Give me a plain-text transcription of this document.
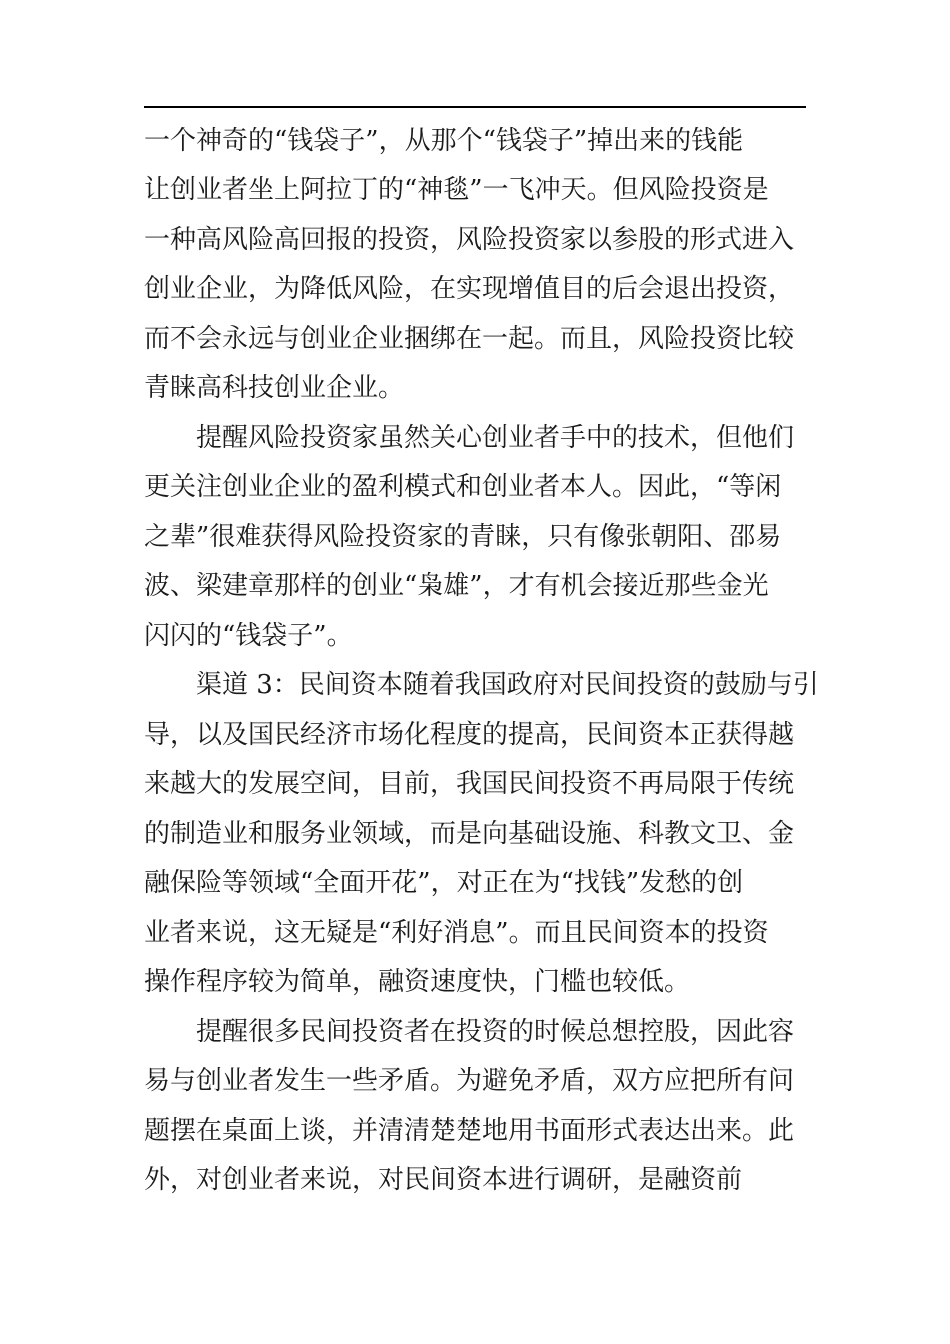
一个神奇的“钱袋子”，从那个“钱袋子”掉出来的钱能
让创业者坐上阿拉丁的“神毯”一飞冲天。但风险投资是
一种高风险高回报的投资，风险投资家以参股的形式进入
创业企业，为降低风险，在实现增值目的后会退出投资，
而不会永远与创业企业捆绑在一起。而且，风险投资比较
青睐高科技创业企业。
　　提醒风险投资家虽然关心创业者手中的技术，但他们
更关注创业企业的盈利模式和创业者本人。因此，“等闲
之辈”很难获得风险投资家的青睐，只有像张朝阳、邵易
波、梁建章那样的创业“枭雄”，才有机会接近那些金光
闪闪的“钱袋子”。
　　渠道 3：民间资本随着我国政府对民间投资的鼓励与引
导，以及国民经济市场化程度的提高，民间资本正获得越
来越大的发展空间，目前，我国民间投资不再局限于传统
的制造业和服务业领域，而是向基础设施、科教文卫、金
融保险等领域“全面开花”，对正在为“找钱”发愁的创
业者来说，这无疑是“利好消息”。而且民间资本的投资
操作程序较为简单，融资速度快，门槛也较低。
　　提醒很多民间投资者在投资的时候总想控股，因此容
易与创业者发生一些矛盾。为避免矛盾，双方应把所有问
题摆在桌面上谈，并清清楚楚地用书面形式表达出来。此
外，对创业者来说，对民间资本进行调研，是融资前
